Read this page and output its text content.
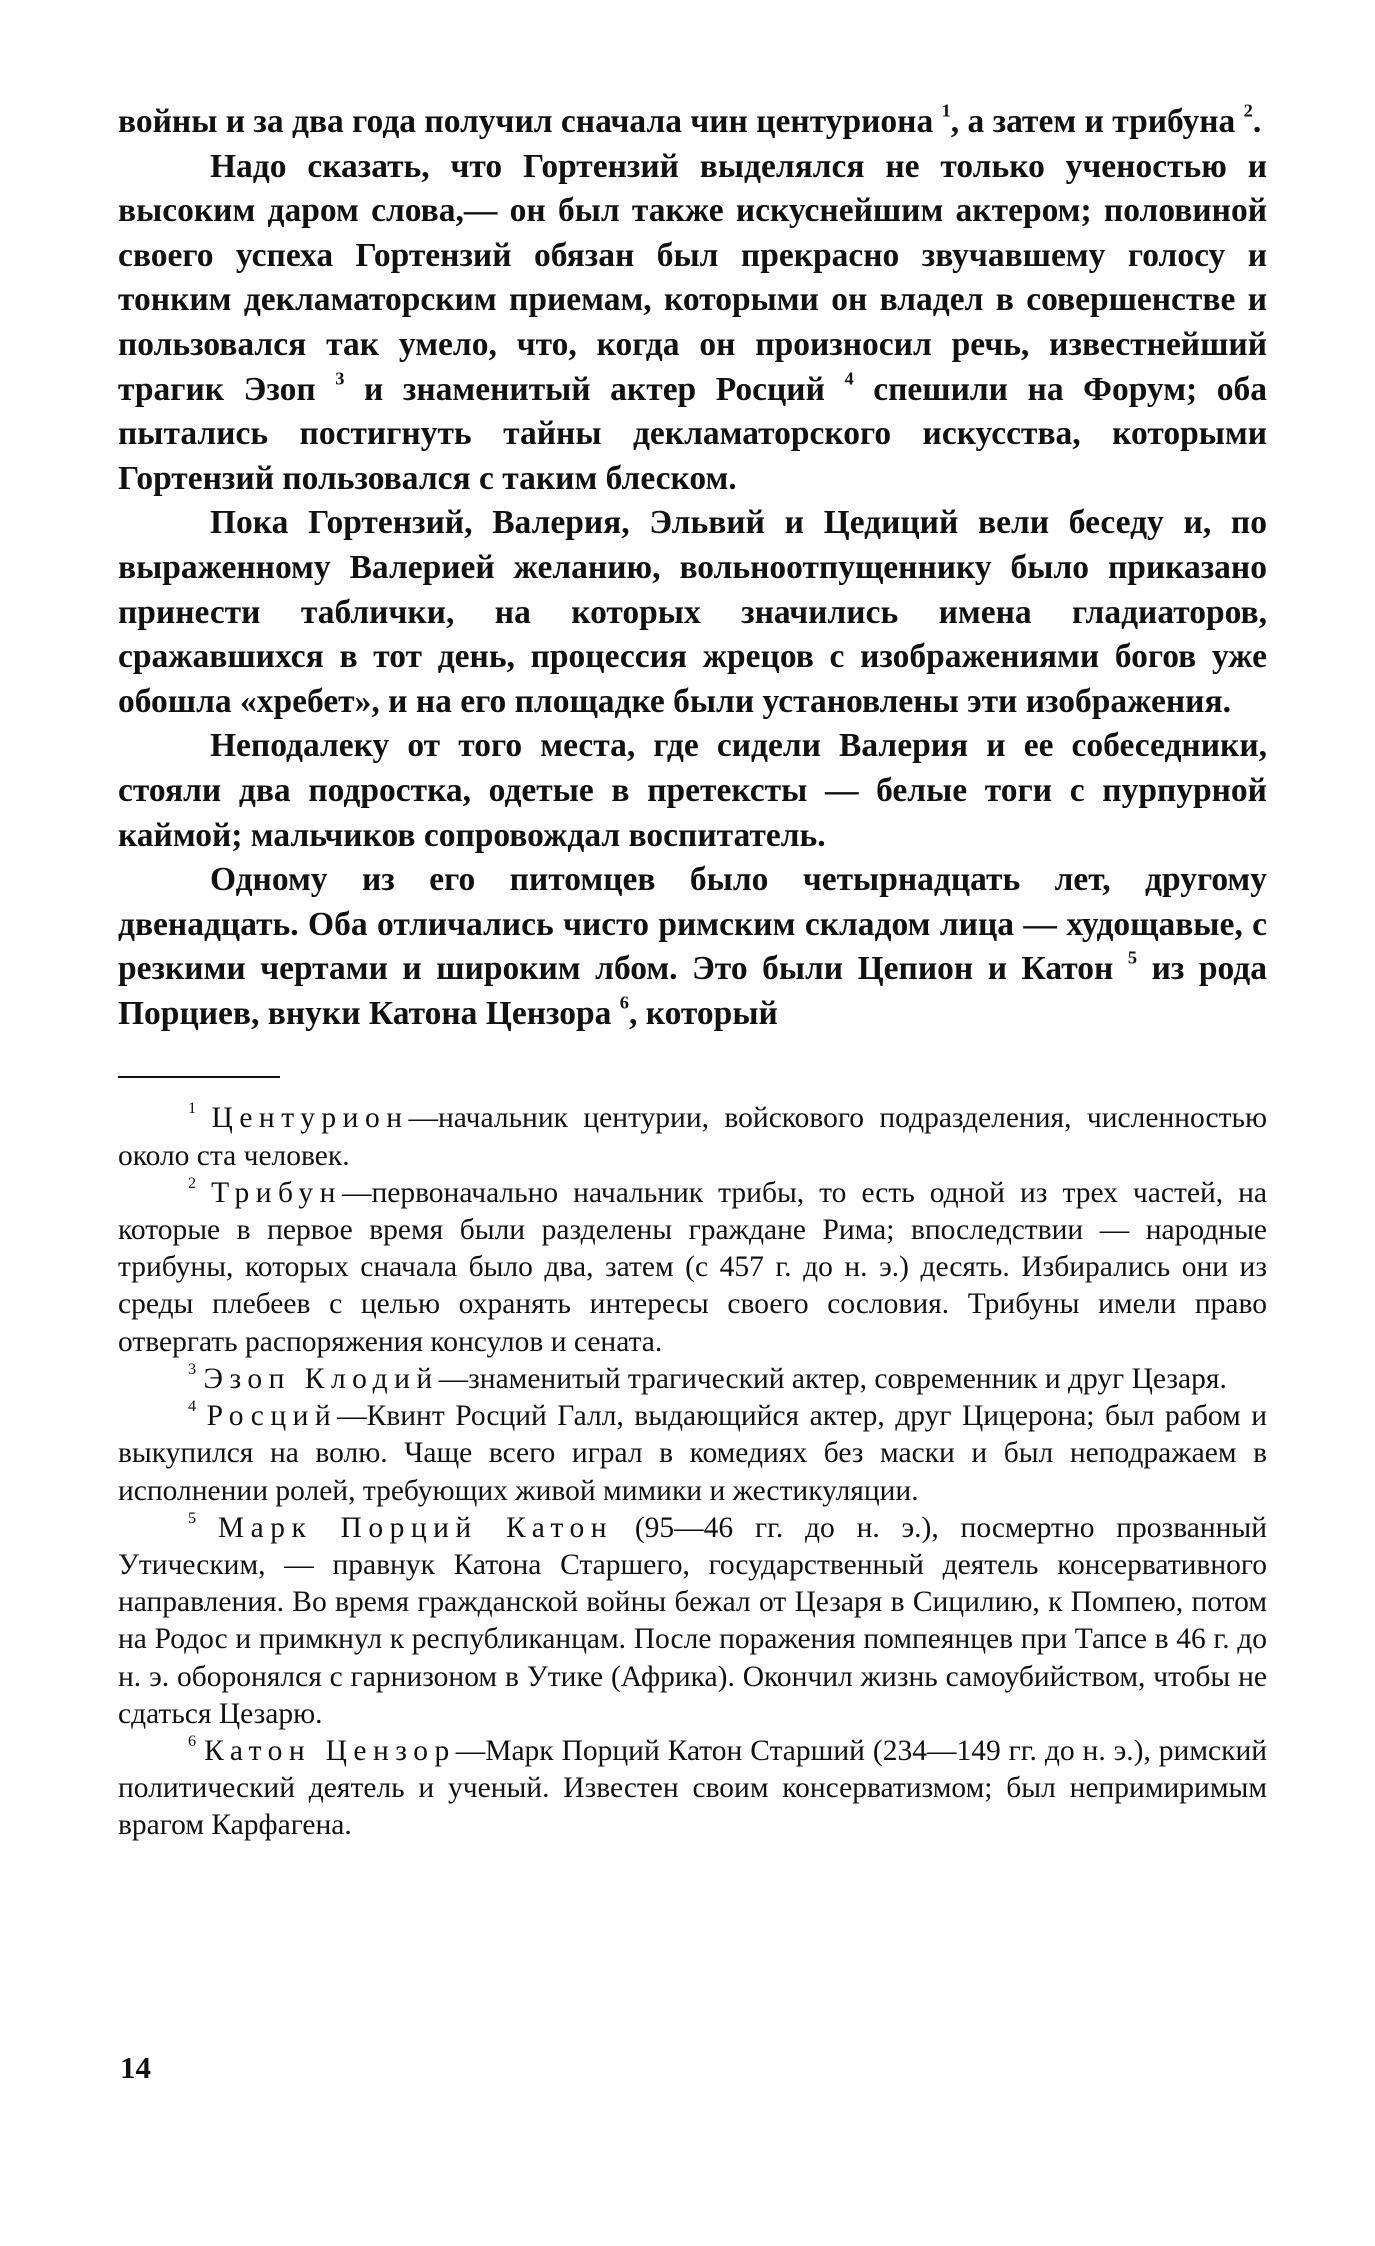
войны и за два года получил сначала чин центуриона $^1$, а затем и трибуна $^2$.

Надо сказать, что Гортензий выделялся не только ученостью и высоким даром слова,— он был также искуснейшим актером; половиной своего успеха Гортензий обязан был прекрасно звучавшему голосу и тонким декламаторским приемам, которыми он владел в совершенстве и пользовался так умело, что, когда он произносил речь, известнейший трагик Эзоп $^3$ и знаменитый актер Росций $^4$ спешили на Форум; оба пытались постигнуть тайны декламаторского искусства, которыми Гортензий пользовался с таким блеском.

Пока Гортензий, Валерия, Эльвий и Цедиций вели беседу и, по выраженному Валерией желанию, вольноотпущеннику было приказано принести таблички, на которых значились имена гладиаторов, сражавшихся в тот день, процессия жрецов с изображениями богов уже обошла «хребет», и на его площадке были установлены эти изображения.

Неподалеку от того места, где сидели Валерия и ее собеседники, стояли два подростка, одетые в претексты — белые тоги с пурпурной каймой; мальчиков сопровождал воспитатель.

Одному из его питомцев было четырнадцать лет, другому двенадцать. Оба отличались чисто римским складом лица — худощавые, с резкими чертами и широким лбом. Это были Цепион и Катон $^5$ из рода Порциев, внуки Катона Цензора $^6$, который

$^1$ Центурион—начальник центурии, войскового подразделения, численностью около ста человек.

$^2$ Трибун—первоначально начальник трибы, то есть одной из трех частей, на которые в первое время были разделены граждане Рима; впоследствии — народные трибуны, которых сначала было два, затем (с 457 г. до н. э.) десять. Избирались они из среды плебеев с целью охранять интересы своего сословия. Трибуны имели право отвергать распоряжения консулов и сената.

$^3$ Эзоп Клодий—знаменитый трагический актер, современник и друг Цезаря.

$^4$ Росций—Квинт Росций Галл, выдающийся актер, друг Цицерона; был рабом и выкупился на волю. Чаще всего играл в комедиях без маски и был неподражаем в исполнении ролей, требующих живой мимики и жестикуляции.

$^5$ Марк Порций Катон (95—46 гг. до н. э.), посмертно прозванный Утическим, — правнук Катона Старшего, государственный деятель консервативного направления. Во время гражданской войны бежал от Цезаря в Сицилию, к Помпею, потом на Родос и примкнул к республиканцам. После поражения помпеянцев при Тапсе в 46 г. до н. э. оборонялся с гарнизоном в Утике (Африка). Окончил жизнь самоубийством, чтобы не сдаться Цезарю.

$^6$ Катон Цензор—Марк Порций Катон Старший (234—149 гг. до н. э.), римский политический деятель и ученый. Известен своим консерватизмом; был непримиримым врагом Карфагена.

14
